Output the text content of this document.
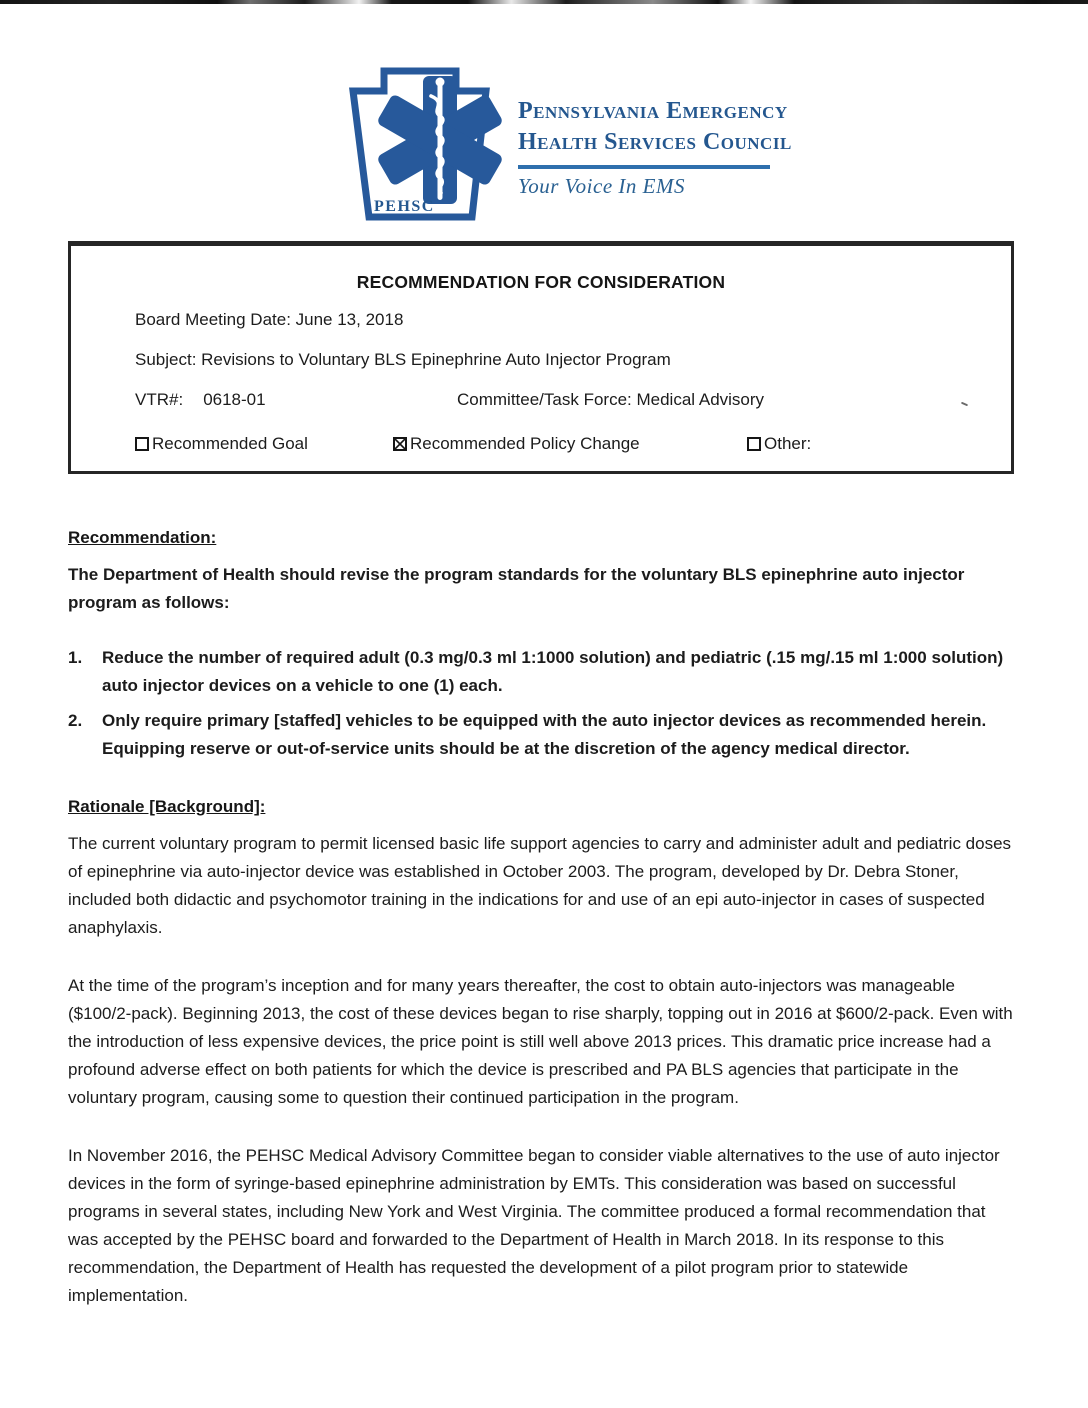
PEHSC
Pennsylvania Emergency
Health Services Council
Your Voice In EMS
RECOMMENDATION FOR CONSIDERATION
Board Meeting Date: June 13, 2018
Subject: Revisions to Voluntary BLS Epinephrine Auto Injector Program
VTR#: 0618-01	Committee/Task Force: Medical Advisory
Recommended Goal	Recommended Policy Change	Other:
Recommendation:

The Department of Health should revise the program standards for the voluntary BLS epinephrine auto injector program as follows:

1.	Reduce the number of required adult (0.3 mg/0.3 ml 1:1000 solution) and pediatric (.15 mg/.15 ml 1:000 solution) auto injector devices on a vehicle to one (1) each.
2.	Only require primary [staffed] vehicles to be equipped with the auto injector devices as recommended herein. Equipping reserve or out-of-service units should be at the discretion of the agency medical director.
Rationale [Background]:

The current voluntary program to permit licensed basic life support agencies to carry and administer adult and pediatric doses of epinephrine via auto-injector device was established in October 2003. The program, developed by Dr. Debra Stoner, included both didactic and psychomotor training in the indications for and use of an epi auto-injector in cases of suspected anaphylaxis.

At the time of the program’s inception and for many years thereafter, the cost to obtain auto-injectors was manageable ($100/2-pack). Beginning 2013, the cost of these devices began to rise sharply, topping out in 2016 at $600/2-pack. Even with the introduction of less expensive devices, the price point is still well above 2013 prices. This dramatic price increase had a profound adverse effect on both patients for which the device is prescribed and PA BLS agencies that participate in the voluntary program, causing some to question their continued participation in the program.

In November 2016, the PEHSC Medical Advisory Committee began to consider viable alternatives to the use of auto injector devices in the form of syringe-based epinephrine administration by EMTs. This consideration was based on successful programs in several states, including New York and West Virginia. The committee produced a formal recommendation that was accepted by the PEHSC board and forwarded to the Department of Health in March 2018. In its response to this recommendation, the Department of Health has requested the development of a pilot program prior to statewide implementation.
